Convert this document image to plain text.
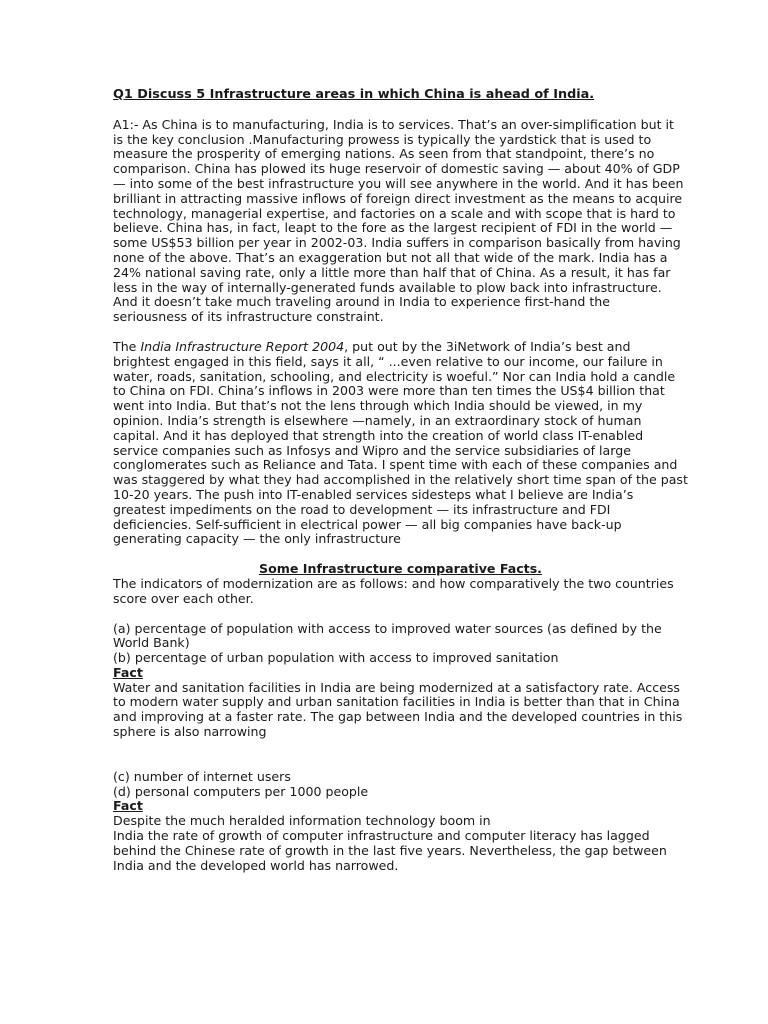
Q1 Discuss 5 Infrastructure areas in which China is ahead of India.

A1:- As China is to manufacturing, India is to services. That’s an over-simplification but it is the key conclusion .Manufacturing prowess is typically the yardstick that is used to measure the prosperity of emerging nations. As seen from that standpoint, there’s no comparison. China has plowed its huge reservoir of domestic saving — about 40% of GDP — into some of the best infrastructure you will see anywhere in the world. And it has been brilliant in attracting massive inflows of foreign direct investment as the means to acquire technology, managerial expertise, and factories on a scale and with scope that is hard to believe. China has, in fact, leapt to the fore as the largest recipient of FDI in the world — some US$53 billion per year in 2002-03. India suffers in comparison basically from having none of the above. That’s an exaggeration but not all that wide of the mark. India has a 24% national saving rate, only a little more than half that of China. As a result, it has far less in the way of internally-generated funds available to plow back into infrastructure. And it doesn’t take much traveling around in India to experience first-hand the seriousness of its infrastructure constraint.

The India Infrastructure Report 2004, put out by the 3iNetwork of India’s best and brightest engaged in this field, says it all, “ ...even relative to our income, our failure in water, roads, sanitation, schooling, and electricity is woeful.” Nor can India hold a candle to China on FDI. China’s inflows in 2003 were more than ten times the US$4 billion that went into India. But that’s not the lens through which India should be viewed, in my opinion. India’s strength is elsewhere —namely, in an extraordinary stock of human capital. And it has deployed that strength into the creation of world class IT-enabled service companies such as Infosys and Wipro and the service subsidiaries of large conglomerates such as Reliance and Tata. I spent time with each of these companies and was staggered by what they had accomplished in the relatively short time span of the past 10-20 years. The push into IT-enabled services sidesteps what I believe are India’s greatest impediments on the road to development — its infrastructure and FDI deficiencies. Self-sufficient in electrical power — all big companies have back-up generating capacity — the only infrastructure

Some Infrastructure comparative Facts.

The indicators of modernization are as follows: and how comparatively the two countries score over each other.

(a) percentage of population with access to improved water sources (as defined by the World Bank)

(b) percentage of urban population with access to improved sanitation

Fact

Water and sanitation facilities in India are being modernized at a satisfactory rate. Access to modern water supply and urban sanitation facilities in India is better than that in China and improving at a faster rate. The gap between India and the developed countries in this sphere is also narrowing

(c) number of internet users

(d) personal computers per 1000 people

Fact

Despite the much heralded information technology boom in

India the rate of growth of computer infrastructure and computer literacy has lagged behind the Chinese rate of growth in the last five years. Nevertheless, the gap between India and the developed world has narrowed.
